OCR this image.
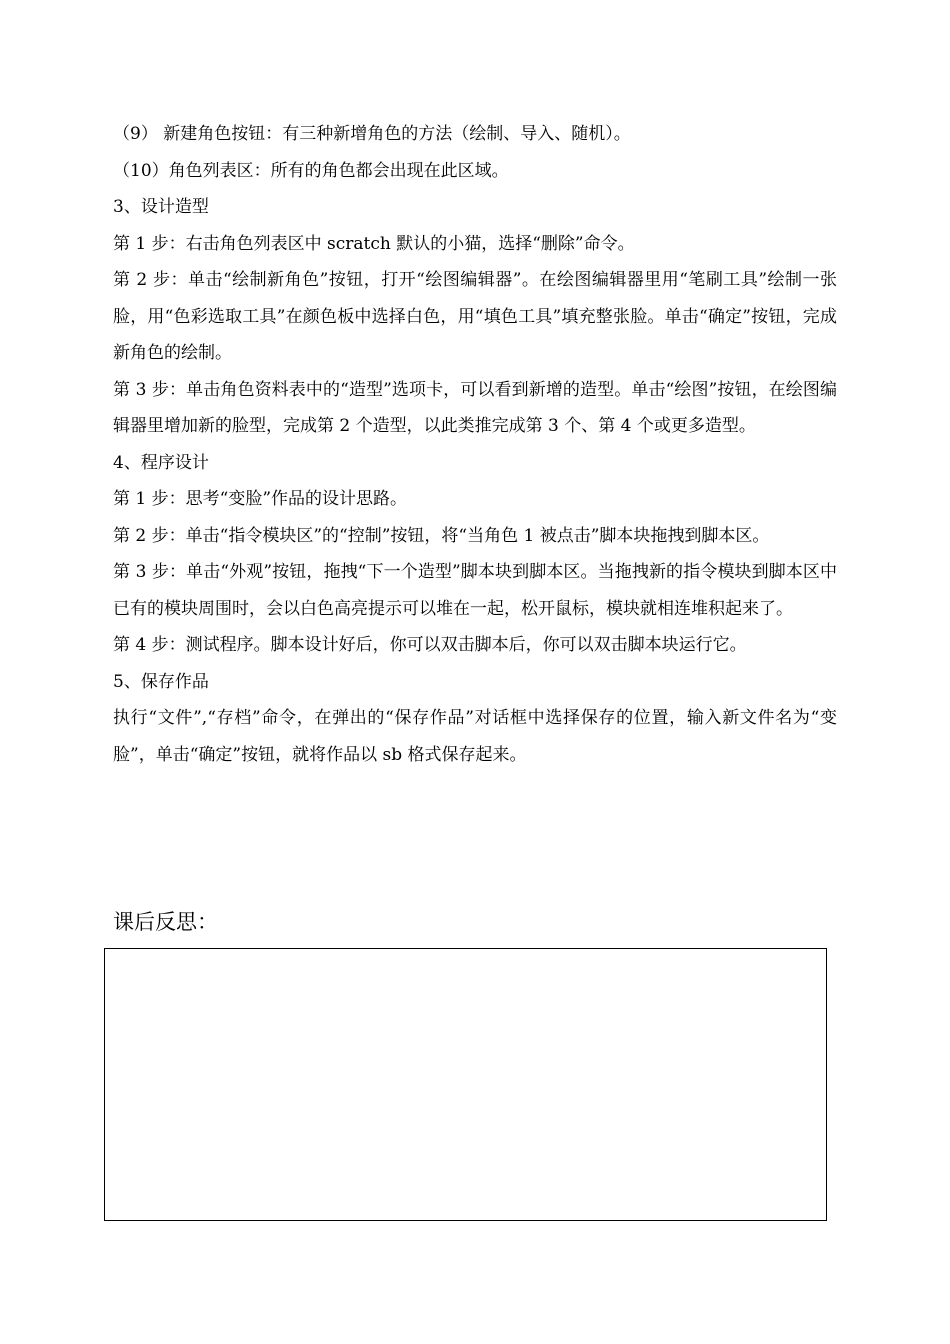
（9） 新建角色按钮：有三种新增角色的方法（绘制、导入、随机）。

（10）角色列表区：所有的角色都会出现在此区域。

3、设计造型

第 1 步：右击角色列表区中 scratch 默认的小猫，选择“删除”命令。

第 2 步：单击“绘制新角色”按钮，打开“绘图编辑器”。在绘图编辑器里用“笔刷工具”绘制一张脸，用“色彩选取工具”在颜色板中选择白色，用“填色工具”填充整张脸。单击“确定”按钮，完成新角色的绘制。

第 3 步：单击角色资料表中的“造型”选项卡，可以看到新增的造型。单击“绘图”按钮，在绘图编辑器里增加新的脸型，完成第 2 个造型，以此类推完成第 3 个、第 4 个或更多造型。

4、程序设计

第 1 步：思考“变脸”作品的设计思路。

第 2 步：单击“指令模块区”的“控制”按钮，将“当角色 1 被点击”脚本块拖拽到脚本区。

第 3 步：单击“外观”按钮，拖拽“下一个造型”脚本块到脚本区。当拖拽新的指令模块到脚本区中已有的模块周围时，会以白色高亮提示可以堆在一起，松开鼠标，模块就相连堆积起来了。

第 4 步：测试程序。脚本设计好后，你可以双击脚本后，你可以双击脚本块运行它。

5、保存作品

执行“文件”,“存档”命令，在弹出的“保存作品”对话框中选择保存的位置，输入新文件名为“变脸”，单击“确定”按钮，就将作品以 sb 格式保存起来。

课后反思：
